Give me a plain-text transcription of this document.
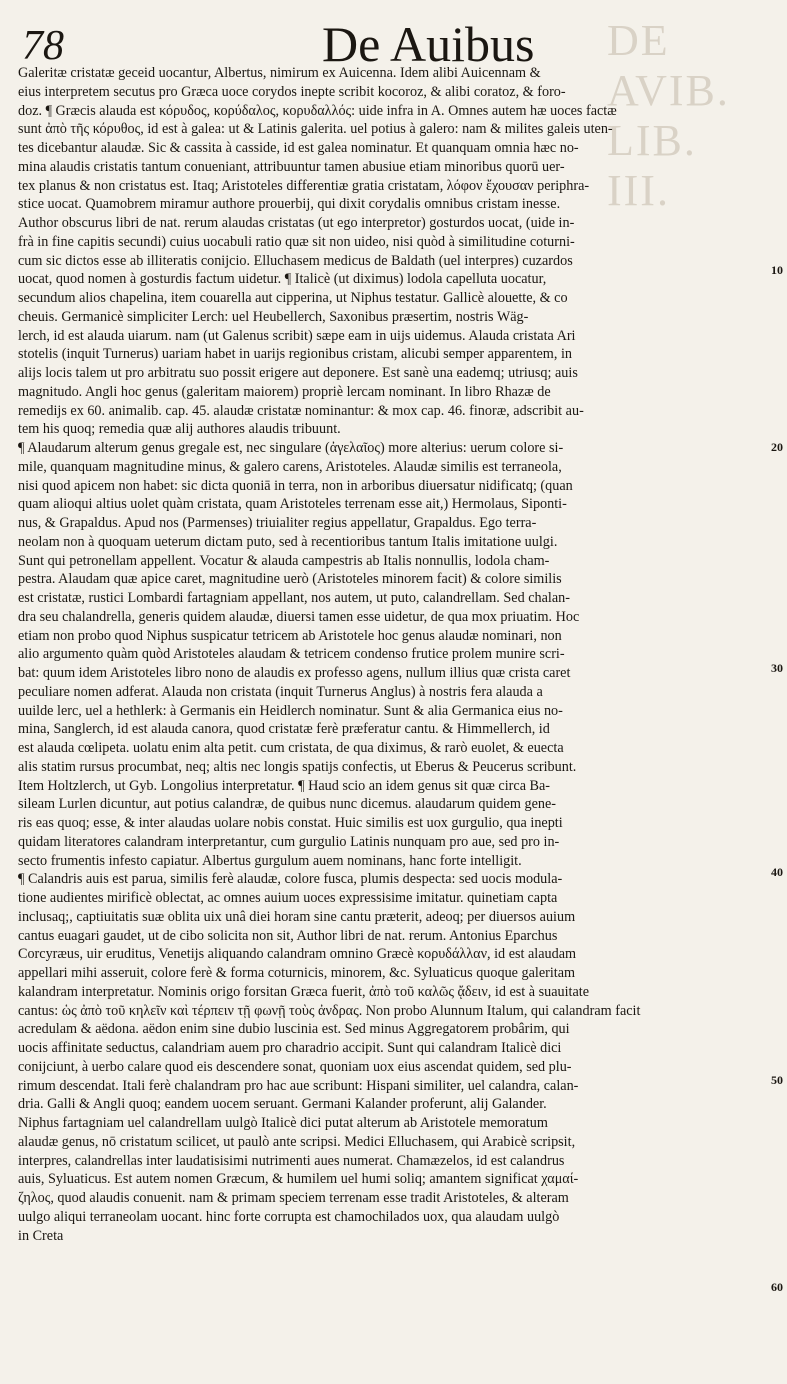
78	De Auibus DE AVIB. LIB. III.
Galeritæ cristatæ geceid uocantur, Albertus, nimirum ex Auicenna. Idem alibi Auicennam &
eius interpretem secutus pro Græca uoce corydos inepte scribit kocoroz, & alibi coratoz, & foro-
doz. ¶ Græcis alauda est κόρυδος, κορύδαλος, κορυδαλλός: uide infra in A. Omnes autem hæ uoces factæ
sunt ἀπὸ τῆς κόρυθος, id est à galea: ut & Latinis galerita. uel potius à galero: nam & milites galeis uten-
tes dicebantur alaudæ. Sic & cassita à casside, id est galea nominatur. Et quanquam omnia hæc no-
mina alaudis cristatis tantum conueniant, attribuuntur tamen abusiue etiam minoribus quorū uer-
tex planus & non cristatus est. Itaq; Aristoteles differentiæ gratia cristatam, λόφον ἔχουσαν periphra-
stice uocat. Quamobrem miramur authore prouerbij, qui dixit corydalis omnibus cristam inesse.
Author obscurus libri de nat. rerum alaudas cristatas (ut ego interpretor) gosturdos uocat, (uide in-
frà in fine capitis secundi) cuius uocabuli ratio quæ sit non uideo, nisi quòd à similitudine coturni-
cum sic dictos esse ab illiteratis conijcio. Elluchasem medicus de Baldath (uel interpres) cuzardos
uocat, quod nomen à gosturdis factum uidetur. ¶ Italicè (ut diximus) lodola capelluta uocatur,
secundum alios chapelina, item couarella aut cipperina, ut Niphus testatur. Gallicè alouette, & co
cheuis. Germanicè simpliciter Lerch: uel Heubellerch, Saxonibus præsertim, nostris Wäg-
lerch, id est alauda uiarum. nam (ut Galenus scribit) sæpe eam in uijs uidemus. Alauda cristata Ari
stotelis (inquit Turnerus) uariam habet in uarijs regionibus cristam, alicubi semper apparentem, in
alijs locis talem ut pro arbitratu suo possit erigere aut deponere. Est sanè una eademq; utriusq; auis
magnitudo. Angli hoc genus (galeritam maiorem) propriè lercam nominant. In libro Rhazæ de
remedijs ex 60. animalib. cap. 45. alaudæ cristatæ nominantur: & mox cap. 46. finoræ, adscribit au-
tem his quoq; remedia quæ alij authores alaudis tribuunt.
¶ Alaudarum alterum genus gregale est, nec singulare (ἀγελαῖος) more alterius: uerum colore si-
mile, quanquam magnitudine minus, & galero carens, Aristoteles. Alaudæ similis est terraneola,
nisi quod apicem non habet: sic dicta quoniā in terra, non in arboribus diuersatur nidificatq; (quan
quam alioqui altius uolet quàm cristata, quam Aristoteles terrenam esse ait,) Hermolaus, Siponti-
nus, & Grapaldus. Apud nos (Parmenses) triuialiter regius appellatur, Grapaldus. Ego terra-
neolam non à quoquam ueterum dictam puto, sed à recentioribus tantum Italis imitatione uulgi.
Sunt qui petronellam appellent. Vocatur & alauda campestris ab Italis nonnullis, lodola cham-
pestra. Alaudam quæ apice caret, magnitudine uerò (Aristoteles minorem facit) & colore similis
est cristatæ, rustici Lombardi fartagniam appellant, nos autem, ut puto, calandrellam. Sed chalan-
dra seu chalandrella, generis quidem alaudæ, diuersi tamen esse uidetur, de qua mox priuatim. Hoc
etiam non probo quod Niphus suspicatur tetricem ab Aristotele hoc genus alaudæ nominari, non
alio argumento quàm quòd Aristoteles alaudam & tetricem condenso frutice prolem munire scri-
bat: quum idem Aristoteles libro nono de alaudis ex professo agens, nullum illius quæ crista caret
peculiare nomen adferat. Alauda non cristata (inquit Turnerus Anglus) à nostris fera alauda a
uuilde lerc, uel a hethlerk: à Germanis ein Heidlerch nominatur. Sunt & alia Germanica eius no-
mina, Sanglerch, id est alauda canora, quod cristatæ ferè præferatur cantu. & Himmellerch, id
est alauda cœlipeta. uolatu enim alta petit. cum cristata, de qua diximus, & rarò euolet, & euecta
alis statim rursus procumbat, neq; altis nec longis spatijs confectis, ut Eberus & Peucerus scribunt.
Item Holtzlerch, ut Gyb. Longolius interpretatur. ¶ Haud scio an idem genus sit quæ circa Ba-
sileam Lurlen dicuntur, aut potius calandræ, de quibus nunc dicemus. alaudarum quidem gene-
ris eas quoq; esse, & inter alaudas uolare nobis constat. Huic similis est uox gurgulio, qua inepti
quidam literatores calandram interpretantur, cum gurgulio Latinis nunquam pro aue, sed pro in-
secto frumentis infesto capiatur. Albertus gurgulum auem nominans, hanc forte intelligit.
¶ Calandris auis est parua, similis ferè alaudæ, colore fusca, plumis despecta: sed uocis modula-
tione audientes mirificè oblectat, ac omnes auium uoces expressisime imitatur. quinetiam capta
inclusaq;, captiuitatis suæ oblita uix unâ diei horam sine cantu præterit, adeoq; per diuersos auium
cantus euagari gaudet, ut de cibo solicita non sit, Author libri de nat. rerum. Antonius Eparchus
Corcyræus, uir eruditus, Venetijs aliquando calandram omnino Græcè κορυδάλλαν, id est alaudam
appellari mihi asseruit, colore ferè & forma coturnicis, minorem, &c. Syluaticus quoque galeritam
kalandram interpretatur. Nominis origo forsitan Græca fuerit, ἀπὸ τοῦ καλῶς ᾄδειν, id est à suauitate
cantus: ὡς ἀπὸ τοῦ κηλεῖν καὶ τέρπειν τῇ φωνῇ τοὺς ἀνδρας. Non probo Alunnum Italum, qui calandram facit
acredulam & aëdona. aëdon enim sine dubio luscinia est. Sed minus Aggregatorem probârim, qui
uocis affinitate seductus, calandriam auem pro charadrio accipit. Sunt qui calandram Italicè dici
conijciunt, à uerbo calare quod eis descendere sonat, quoniam uox eius ascendat quidem, sed plu-
rimum descendat. Itali ferè chalandram pro hac aue scribunt: Hispani similiter, uel calandra, calan-
dria. Galli & Angli quoq; eandem uocem seruant. Germani Kalander proferunt, alij Galander.
Niphus fartagniam uel calandrellam uulgò Italicè dici putat alterum ab Aristotele memoratum
alaudæ genus, nō cristatum scilicet, ut paulò ante scripsi. Medici Elluchasem, qui Arabicè scripsit,
interpres, calandrellas inter laudatisisimi nutrimenti aues numerat. Chamæzelos, id est calandrus
auis, Syluaticus. Est autem nomen Græcum, & humilem uel humi soliq; amantem significat χαμαί-
ζηλος, quod alaudis conuenit. nam & primam speciem terrenam esse tradit Aristoteles, & alteram
uulgo aliqui terraneolam uocant. hinc forte corrupta est chamochilados uox, qua alaudam uulgò
in Creta
10
20
30
40
50
60
